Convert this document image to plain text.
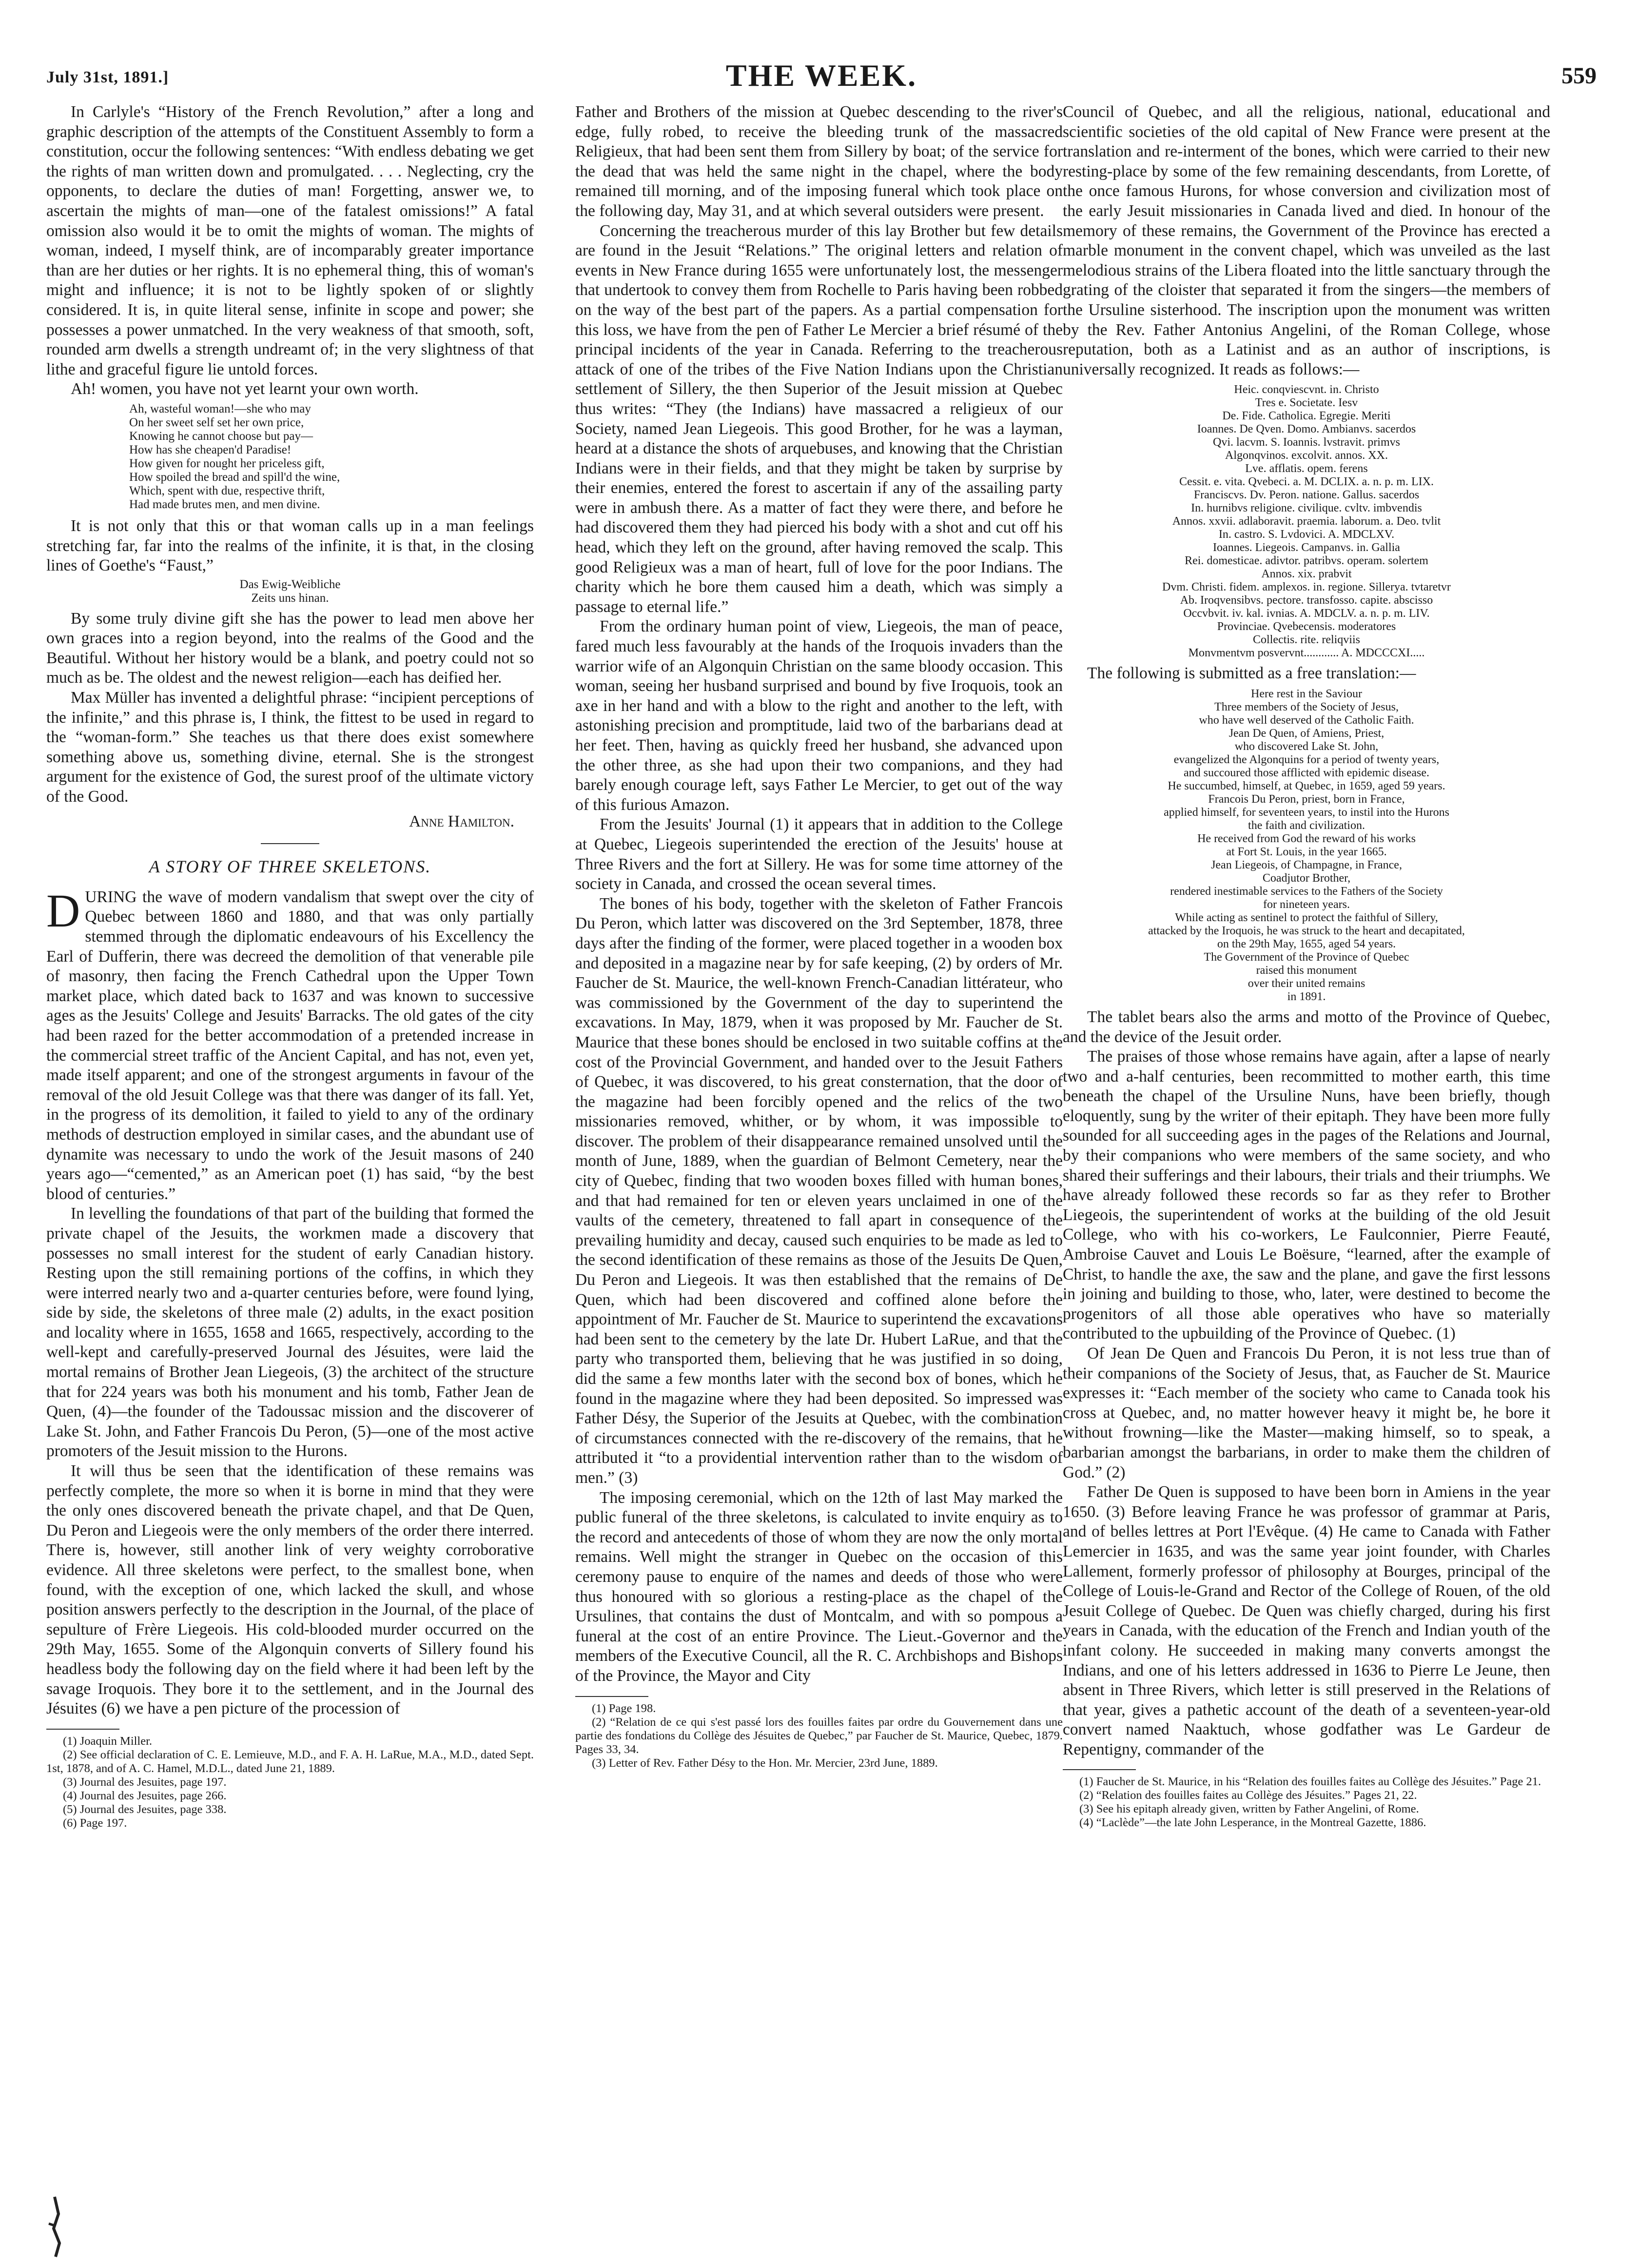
July 31st, 1891.]	THE WEEK.	559

In Carlyle's “History of the French Revolution,” after a long and graphic description of the attempts of the Constituent Assembly to form a constitution, occur the following sentences: “With endless debating we get the rights of man written down and promulgated. . . . Neglecting, cry the opponents, to declare the duties of man! Forgetting, answer we, to ascertain the mights of man—one of the fatalest omissions!” A fatal omission also would it be to omit the mights of woman. The mights of woman, indeed, I myself think, are of incomparably greater importance than are her duties or her rights. It is no ephemeral thing, this of woman's might and influence; it is not to be lightly spoken of or slightly considered. It is, in quite literal sense, infinite in scope and power; she possesses a power unmatched. In the very weakness of that smooth, soft, rounded arm dwells a strength undreamt of; in the very slightness of that lithe and graceful figure lie untold forces.

Ah! women, you have not yet learnt your own worth.

Ah, wasteful woman!—she who may
On her sweet self set her own price,
Knowing he cannot choose but pay—
How has she cheapen'd Paradise!
How given for nought her priceless gift,
How spoiled the bread and spill'd the wine,
Which, spent with due, respective thrift,
Had made brutes men, and men divine.

It is not only that this or that woman calls up in a man feelings stretching far, far into the realms of the infinite, it is that, in the closing lines of Goethe's “Faust,”

Das Ewig-Weibliche
Zeits uns hinan.

By some truly divine gift she has the power to lead men above her own graces into a region beyond, into the realms of the Good and the Beautiful. Without her history would be a blank, and poetry could not so much as be. The oldest and the newest religion—each has deified her.

Max Müller has invented a delightful phrase: “incipient perceptions of the infinite,” and this phrase is, I think, the fittest to be used in regard to the “woman-form.” She teaches us that there does exist somewhere something above us, something divine, eternal. She is the strongest argument for the existence of God, the surest proof of the ultimate victory of the Good.

Anne Hamilton.

A STORY OF THREE SKELETONS.

DURING the wave of modern vandalism that swept over the city of Quebec between 1860 and 1880, and that was only partially stemmed through the diplomatic endeavours of his Excellency the Earl of Dufferin, there was decreed the demolition of that venerable pile of masonry, then facing the French Cathedral upon the Upper Town market place, which dated back to 1637 and was known to successive ages as the Jesuits' College and Jesuits' Barracks. The old gates of the city had been razed for the better accommodation of a pretended increase in the commercial street traffic of the Ancient Capital, and has not, even yet, made itself apparent; and one of the strongest arguments in favour of the removal of the old Jesuit College was that there was danger of its fall. Yet, in the progress of its demolition, it failed to yield to any of the ordinary methods of destruction employed in similar cases, and the abundant use of dynamite was necessary to undo the work of the Jesuit masons of 240 years ago—“cemented,” as an American poet (1) has said, “by the best blood of centuries.”

In levelling the foundations of that part of the building that formed the private chapel of the Jesuits, the workmen made a discovery that possesses no small interest for the student of early Canadian history. Resting upon the still remaining portions of the coffins, in which they were interred nearly two and a-quarter centuries before, were found lying, side by side, the skeletons of three male (2) adults, in the exact position and locality where in 1655, 1658 and 1665, respectively, according to the well-kept and carefully-preserved Journal des Jésuites, were laid the mortal remains of Brother Jean Liegeois, (3) the architect of the structure that for 224 years was both his monument and his tomb, Father Jean de Quen, (4)—the founder of the Tadoussac mission and the discoverer of Lake St. John, and Father Francois Du Peron, (5)—one of the most active promoters of the Jesuit mission to the Hurons.

It will thus be seen that the identification of these remains was perfectly complete, the more so when it is borne in mind that they were the only ones discovered beneath the private chapel, and that De Quen, Du Peron and Liegeois were the only members of the order there interred. There is, however, still another link of very weighty corroborative evidence. All three skeletons were perfect, to the smallest bone, when found, with the exception of one, which lacked the skull, and whose position answers perfectly to the description in the Journal, of the place of sepulture of Frère Liegeois. His cold-blooded murder occurred on the 29th May, 1655. Some of the Algonquin converts of Sillery found his headless body the following day on the field where it had been left by the savage Iroquois. They bore it to the settlement, and in the Journal des Jésuites (6) we have a pen picture of the procession of

(1) Joaquin Miller.

(2) See official declaration of C. E. Lemieuve, M.D., and F. A. H. LaRue, M.A., M.D., dated Sept. 1st, 1878, and of A. C. Hamel, M.D.L., dated June 21, 1889.

(3) Journal des Jesuites, page 197.

(4) Journal des Jesuites, page 266.

(5) Journal des Jesuites, page 338.

(6) Page 197.

Father and Brothers of the mission at Quebec descending to the river's edge, fully robed, to receive the bleeding trunk of the massacred Religieux, that had been sent them from Sillery by boat; of the service for the dead that was held the same night in the chapel, where the body remained till morning, and of the imposing funeral which took place on the following day, May 31, and at which several outsiders were present.

Concerning the treacherous murder of this lay Brother but few details are found in the Jesuit “Relations.” The original letters and relation of events in New France during 1655 were unfortunately lost, the messenger that undertook to convey them from Rochelle to Paris having been robbed on the way of the best part of the papers. As a partial compensation for this loss, we have from the pen of Father Le Mercier a brief résumé of the principal incidents of the year in Canada. Referring to the treacherous attack of one of the tribes of the Five Nation Indians upon the Christian settlement of Sillery, the then Superior of the Jesuit mission at Quebec thus writes: “They (the Indians) have massacred a religieux of our Society, named Jean Liegeois. This good Brother, for he was a layman, heard at a distance the shots of arquebuses, and knowing that the Christian Indians were in their fields, and that they might be taken by surprise by their enemies, entered the forest to ascertain if any of the assailing party were in ambush there. As a matter of fact they were there, and before he had discovered them they had pierced his body with a shot and cut off his head, which they left on the ground, after having removed the scalp. This good Religieux was a man of heart, full of love for the poor Indians. The charity which he bore them caused him a death, which was simply a passage to eternal life.”

From the ordinary human point of view, Liegeois, the man of peace, fared much less favourably at the hands of the Iroquois invaders than the warrior wife of an Algonquin Christian on the same bloody occasion. This woman, seeing her husband surprised and bound by five Iroquois, took an axe in her hand and with a blow to the right and another to the left, with astonishing precision and promptitude, laid two of the barbarians dead at her feet. Then, having as quickly freed her husband, she advanced upon the other three, as she had upon their two companions, and they had barely enough courage left, says Father Le Mercier, to get out of the way of this furious Amazon.

From the Jesuits' Journal (1) it appears that in addition to the College at Quebec, Liegeois superintended the erection of the Jesuits' house at Three Rivers and the fort at Sillery. He was for some time attorney of the society in Canada, and crossed the ocean several times.

The bones of his body, together with the skeleton of Father Francois Du Peron, which latter was discovered on the 3rd September, 1878, three days after the finding of the former, were placed together in a wooden box and deposited in a magazine near by for safe keeping, (2) by orders of Mr. Faucher de St. Maurice, the well-known French-Canadian littérateur, who was commissioned by the Government of the day to superintend the excavations. In May, 1879, when it was proposed by Mr. Faucher de St. Maurice that these bones should be enclosed in two suitable coffins at the cost of the Provincial Government, and handed over to the Jesuit Fathers of Quebec, it was discovered, to his great consternation, that the door of the magazine had been forcibly opened and the relics of the two missionaries removed, whither, or by whom, it was impossible to discover. The problem of their disappearance remained unsolved until the month of June, 1889, when the guardian of Belmont Cemetery, near the city of Quebec, finding that two wooden boxes filled with human bones, and that had remained for ten or eleven years unclaimed in one of the vaults of the cemetery, threatened to fall apart in consequence of the prevailing humidity and decay, caused such enquiries to be made as led to the second identification of these remains as those of the Jesuits De Quen, Du Peron and Liegeois. It was then established that the remains of De Quen, which had been discovered and coffined alone before the appointment of Mr. Faucher de St. Maurice to superintend the excavations had been sent to the cemetery by the late Dr. Hubert LaRue, and that the party who transported them, believing that he was justified in so doing, did the same a few months later with the second box of bones, which he found in the magazine where they had been deposited. So impressed was Father Désy, the Superior of the Jesuits at Quebec, with the combination of circumstances connected with the re-discovery of the remains, that he attributed it “to a providential intervention rather than to the wisdom of men.” (3)

The imposing ceremonial, which on the 12th of last May marked the public funeral of the three skeletons, is calculated to invite enquiry as to the record and antecedents of those of whom they are now the only mortal remains. Well might the stranger in Quebec on the occasion of this ceremony pause to enquire of the names and deeds of those who were thus honoured with so glorious a resting-place as the chapel of the Ursulines, that contains the dust of Montcalm, and with so pompous a funeral at the cost of an entire Province. The Lieut.-Governor and the members of the Executive Council, all the R. C. Archbishops and Bishops of the Province, the Mayor and City

(1) Page 198.

(2) “Relation de ce qui s'est passé lors des fouilles faites par ordre du Gouvernement dans une partie des fondations du Collège des Jésuites de Quebec,” par Faucher de St. Maurice, Quebec, 1879. Pages 33, 34.

(3) Letter of Rev. Father Désy to the Hon. Mr. Mercier, 23rd June, 1889.

Council of Quebec, and all the religious, national, educational and scientific societies of the old capital of New France were present at the translation and re-interment of the bones, which were carried to their new resting-place by some of the few remaining descendants, from Lorette, of the once famous Hurons, for whose conversion and civilization most of the early Jesuit missionaries in Canada lived and died. In honour of the memory of these remains, the Government of the Province has erected a marble monument in the convent chapel, which was unveiled as the last melodious strains of the Libera floated into the little sanctuary through the grating of the cloister that separated it from the singers—the members of the Ursuline sisterhood. The inscription upon the monument was written by the Rev. Father Antonius Angelini, of the Roman College, whose reputation, both as a Latinist and as an author of inscriptions, is universally recognized. It reads as follows:—

Heic. conqviescvnt. in. Christo
Tres e. Societate. Iesv
De. Fide. Catholica. Egregie. Meriti
Ioannes. De Qven. Domo. Ambianvs. sacerdos
Qvi. lacvm. S. Ioannis. lvstravit. primvs
Algonqvinos. excolvit. annos. XX.
Lve. afflatis. opem. ferens
Cessit. e. vita. Qvebeci. a. M. DCLIX. a. n. p. m. LIX.
Franciscvs. Dv. Peron. natione. Gallus. sacerdos
In. hurnibvs religione. civilique. cvltv. imbvendis
Annos. xxvii. adlaboravit. praemia. laborum. a. Deo. tvlit
In. castro. S. Lvdovici. A. MDCLXV.
Ioannes. Liegeois. Campanvs. in. Gallia
Rei. domesticae. adivtor. patribvs. operam. solertem
Annos. xix. prabvit
Dvm. Christi. fidem. amplexos. in. regione. Sillerya. tvtaretvr
Ab. Iroqvensibvs. pectore. transfosso. capite. abscisso
Occvbvit. iv. kal. ivnias. A. MDCLV. a. n. p. m. LIV.
Provinciae. Qvebecensis. moderatores
Collectis. rite. reliqviis
Monvmentvm posvervnt............ A. MDCCCXI.....

The following is submitted as a free translation:—

Here rest in the Saviour
Three members of the Society of Jesus,
who have well deserved of the Catholic Faith.
Jean De Quen, of Amiens, Priest,
who discovered Lake St. John,
evangelized the Algonquins for a period of twenty years,
and succoured those afflicted with epidemic disease.
He succumbed, himself, at Quebec, in 1659, aged 59 years.
Francois Du Peron, priest, born in France,
applied himself, for seventeen years, to instil into the Hurons
the faith and civilization.
He received from God the reward of his works
at Fort St. Louis, in the year 1665.
Jean Liegeois, of Champagne, in France,
Coadjutor Brother,
rendered inestimable services to the Fathers of the Society
for nineteen years.
While acting as sentinel to protect the faithful of Sillery,
attacked by the Iroquois, he was struck to the heart and decapitated,
on the 29th May, 1655, aged 54 years.
The Government of the Province of Quebec
raised this monument
over their united remains
in 1891.

The tablet bears also the arms and motto of the Province of Quebec, and the device of the Jesuit order.

The praises of those whose remains have again, after a lapse of nearly two and a-half centuries, been recommitted to mother earth, this time beneath the chapel of the Ursuline Nuns, have been briefly, though eloquently, sung by the writer of their epitaph. They have been more fully sounded for all succeeding ages in the pages of the Relations and Journal, by their companions who were members of the same society, and who shared their sufferings and their labours, their trials and their triumphs. We have already followed these records so far as they refer to Brother Liegeois, the superintendent of works at the building of the old Jesuit College, who with his co-workers, Le Faulconnier, Pierre Feauté, Ambroise Cauvet and Louis Le Boësure, “learned, after the example of Christ, to handle the axe, the saw and the plane, and gave the first lessons in joining and building to those, who, later, were destined to become the progenitors of all those able operatives who have so materially contributed to the upbuilding of the Province of Quebec. (1)

Of Jean De Quen and Francois Du Peron, it is not less true than of their companions of the Society of Jesus, that, as Faucher de St. Maurice expresses it: “Each member of the society who came to Canada took his cross at Quebec, and, no matter however heavy it might be, he bore it without frowning—like the Master—making himself, so to speak, a barbarian amongst the barbarians, in order to make them the children of God.” (2)

Father De Quen is supposed to have been born in Amiens in the year 1650. (3) Before leaving France he was professor of grammar at Paris, and of belles lettres at Port l'Evêque. (4) He came to Canada with Father Lemercier in 1635, and was the same year joint founder, with Charles Lallement, formerly professor of philosophy at Bourges, principal of the College of Louis-le-Grand and Rector of the College of Rouen, of the old Jesuit College of Quebec. De Quen was chiefly charged, during his first years in Canada, with the education of the French and Indian youth of the infant colony. He succeeded in making many converts amongst the Indians, and one of his letters addressed in 1636 to Pierre Le Jeune, then absent in Three Rivers, which letter is still preserved in the Relations of that year, gives a pathetic account of the death of a seventeen-year-old convert named Naaktuch, whose godfather was Le Gardeur de Repentigny, commander of the

(1) Faucher de St. Maurice, in his “Relation des fouilles faites au Collège des Jésuites.” Page 21.

(2) “Relation des fouilles faites au Collège des Jésuites.” Pages 21, 22.

(3) See his epitaph already given, written by Father Angelini, of Rome.

(4) “Laclède”—the late John Lesperance, in the Montreal Gazette, 1886.
